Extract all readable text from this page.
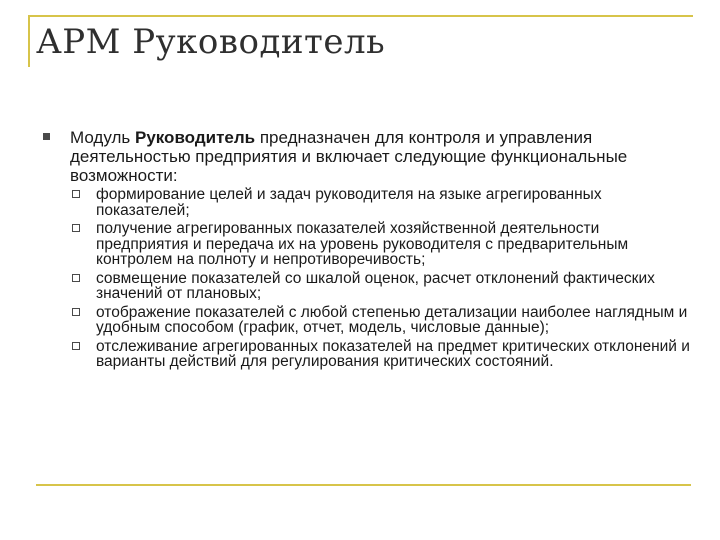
АРМ Руководитель
Модуль Руководитель предназначен для контроля и управления деятельностью предприятия и включает следующие функциональные возможности:
формирование целей и задач руководителя на языке агрегированных показателей;
получение агрегированных показателей хозяйственной деятельности предприятия и передача их на уровень руководителя с предварительным контролем на полноту и непротиворечивость;
совмещение показателей со шкалой оценок, расчет отклонений фактических значений от плановых;
отображение показателей с любой степенью детализации наиболее наглядным и удобным способом (график, отчет, модель, числовые данные);
отслеживание агрегированных показателей на предмет критических отклонений и варианты действий для регулирования критических состояний.
